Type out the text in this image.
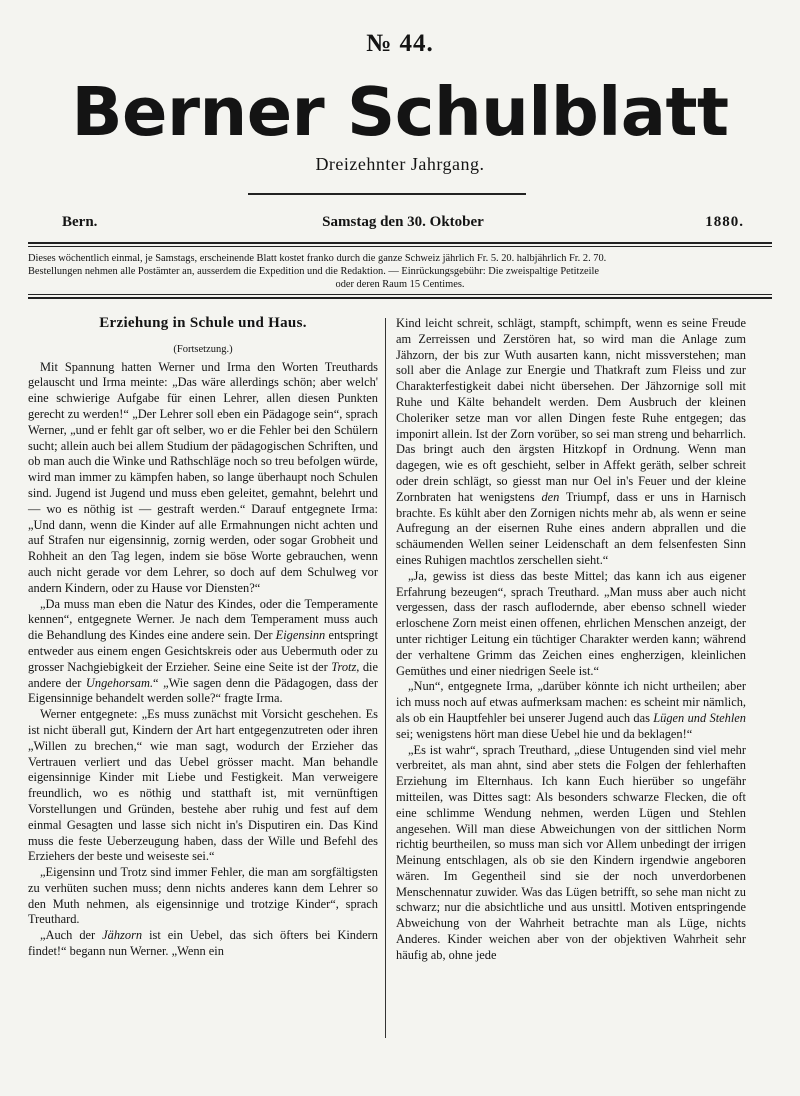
№ 44.
Berner Schulblatt
Dreizehnter Jahrgang.
Bern.	Samstag den 30. Oktober	1880.

Dieses wöchentlich einmal, je Samstags, erscheinende Blatt kostet franko durch die ganze Schweiz jährlich Fr. 5. 20. halbjährlich Fr. 2. 70.

Bestellungen nehmen alle Postämter an, ausserdem die Expedition und die Redaktion. — Einrückungsgebühr: Die zweispaltige Petitzeile

oder deren Raum 15 Centimes.

Erziehung in Schule und Haus.

(Fortsetzung.)

Mit Spannung hatten Werner und Irma den Worten Treuthards gelauscht und Irma meinte: „Das wäre allerdings schön; aber welch' eine schwierige Aufgabe für einen Lehrer, allen diesen Punkten gerecht zu werden!“ „Der Lehrer soll eben ein Pädagoge sein“, sprach Werner, „und er fehlt gar oft selber, wo er die Fehler bei den Schülern sucht; allein auch bei allem Studium der pädagogischen Schriften, und ob man auch die Winke und Rathschläge noch so treu befolgen würde, wird man immer zu kämpfen haben, so lange überhaupt noch Schulen sind. Jugend ist Jugend und muss eben geleitet, gemahnt, belehrt und — wo es nöthig ist — gestraft werden.“ Darauf entgegnete Irma: „Und dann, wenn die Kinder auf alle Ermahnungen nicht achten und auf Strafen nur eigensinnig, zornig werden, oder sogar Grobheit und Rohheit an den Tag legen, indem sie böse Worte gebrauchen, wenn auch nicht gerade vor dem Lehrer, so doch auf dem Schulweg vor andern Kindern, oder zu Hause vor Diensten?“

„Da muss man eben die Natur des Kindes, oder die Temperamente kennen“, entgegnete Werner. Je nach dem Temperament muss auch die Behandlung des Kindes eine andere sein. Der Eigensinn entspringt entweder aus einem engen Gesichtskreis oder aus Uebermuth oder zu grosser Nachgiebigkeit der Erzieher. Seine eine Seite ist der Trotz, die andere der Ungehorsam.“ „Wie sagen denn die Pädagogen, dass der Eigensinnige behandelt werden solle?“ fragte Irma.

Werner entgegnete: „Es muss zunächst mit Vorsicht geschehen. Es ist nicht überall gut, Kindern der Art hart entgegenzutreten oder ihren „Willen zu brechen,“ wie man sagt, wodurch der Erzieher das Vertrauen verliert und das Uebel grösser macht. Man behandle eigensinnige Kinder mit Liebe und Festigkeit. Man verweigere freundlich, wo es nöthig und statthaft ist, mit vernünftigen Vorstellungen und Gründen, bestehe aber ruhig und fest auf dem einmal Gesagten und lasse sich nicht in's Disputiren ein. Das Kind muss die feste Ueberzeugung haben, dass der Wille und Befehl des Erziehers der beste und weiseste sei.“

„Eigensinn und Trotz sind immer Fehler, die man am sorgfältigsten zu verhüten suchen muss; denn nichts anderes kann dem Lehrer so den Muth nehmen, als eigensinnige und trotzige Kinder“, sprach Treuthard.

„Auch der Jähzorn ist ein Uebel, das sich öfters bei Kindern findet!“ begann nun Werner. „Wenn ein

Kind leicht schreit, schlägt, stampft, schimpft, wenn es seine Freude am Zerreissen und Zerstören hat, so wird man die Anlage zum Jähzorn, der bis zur Wuth ausarten kann, nicht missverstehen; man soll aber die Anlage zur Energie und Thatkraft zum Fleiss und zur Charakterfestigkeit dabei nicht übersehen. Der Jähzornige soll mit Ruhe und Kälte behandelt werden. Dem Ausbruch der kleinen Choleriker setze man vor allen Dingen feste Ruhe entgegen; das imponirt allein. Ist der Zorn vorüber, so sei man streng und beharrlich. Das bringt auch den ärgsten Hitzkopf in Ordnung. Wenn man dagegen, wie es oft geschieht, selber in Affekt geräth, selber schreit oder drein schlägt, so giesst man nur Oel in's Feuer und der kleine Zornbraten hat wenigstens den Triumpf, dass er uns in Harnisch brachte. Es kühlt aber den Zornigen nichts mehr ab, als wenn er seine Aufregung an der eisernen Ruhe eines andern abprallen und die schäumenden Wellen seiner Leidenschaft an dem felsenfesten Sinn eines Ruhigen machtlos zerschellen sieht.“

„Ja, gewiss ist diess das beste Mittel; das kann ich aus eigener Erfahrung bezeugen“, sprach Treuthard. „Man muss aber auch nicht vergessen, dass der rasch auflodernde, aber ebenso schnell wieder erloschene Zorn meist einen offenen, ehrlichen Menschen anzeigt, der unter richtiger Leitung ein tüchtiger Charakter werden kann; während der verhaltene Grimm das Zeichen eines engherzigen, kleinlichen Gemüthes und einer niedrigen Seele ist.“

„Nun“, entgegnete Irma, „darüber könnte ich nicht urtheilen; aber ich muss noch auf etwas aufmerksam machen: es scheint mir nämlich, als ob ein Hauptfehler bei unserer Jugend auch das Lügen und Stehlen sei; wenigstens hört man diese Uebel hie und da beklagen!“

„Es ist wahr“, sprach Treuthard, „diese Untugenden sind viel mehr verbreitet, als man ahnt, sind aber stets die Folgen der fehlerhaften Erziehung im Elternhaus. Ich kann Euch hierüber so ungefähr mitteilen, was Dittes sagt: Als besonders schwarze Flecken, die oft eine schlimme Wendung nehmen, werden Lügen und Stehlen angesehen. Will man diese Abweichungen von der sittlichen Norm richtig beurtheilen, so muss man sich vor Allem unbedingt der irrigen Meinung entschlagen, als ob sie den Kindern irgendwie angeboren wären. Im Gegentheil sind sie der noch unverdorbenen Menschennatur zuwider. Was das Lügen betrifft, so sehe man nicht zu schwarz; nur die absichtliche und aus unsittl. Motiven entspringende Abweichung von der Wahrheit betrachte man als Lüge, nichts Anderes. Kinder weichen aber von der objektiven Wahrheit sehr häufig ab, ohne jede
